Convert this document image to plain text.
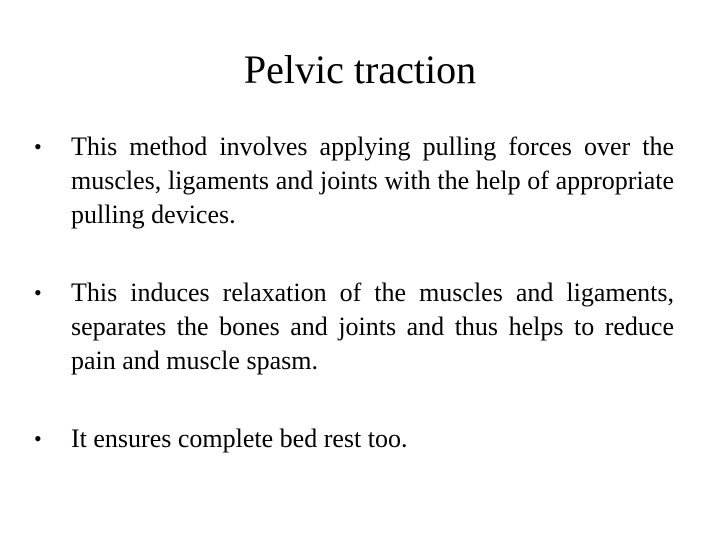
Pelvic traction
•	This method involves applying pulling forces over the muscles, ligaments and joints with the help of appropriate pulling devices.
•	This induces relaxation of the muscles and ligaments, separates the bones and joints and thus helps to reduce pain and muscle spasm.
•	It ensures complete bed rest too.
